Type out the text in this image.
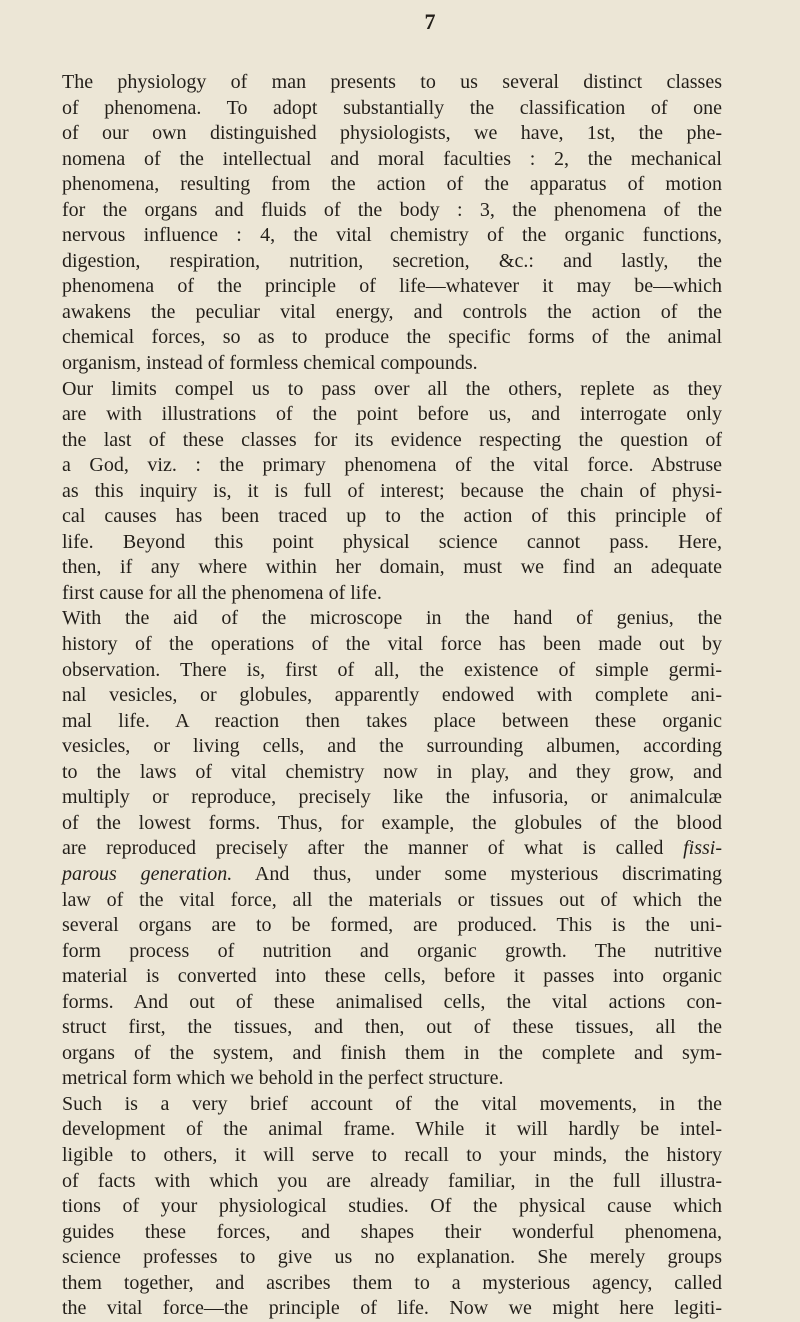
7
The physiology of man presents to us several distinct classes
of phenomena. To adopt substantially the classification of one
of our own distinguished physiologists, we have, 1st, the phe-
nomena of the intellectual and moral faculties : 2, the mechanical
phenomena, resulting from the action of the apparatus of motion
for the organs and fluids of the body : 3, the phenomena of the
nervous influence : 4, the vital chemistry of the organic functions,
digestion, respiration, nutrition, secretion, &c.: and lastly, the
phenomena of the principle of life—whatever it may be—which
awakens the peculiar vital energy, and controls the action of the
chemical forces, so as to produce the specific forms of the animal
organism, instead of formless chemical compounds.
Our limits compel us to pass over all the others, replete as they
are with illustrations of the point before us, and interrogate only
the last of these classes for its evidence respecting the question of
a God, viz. : the primary phenomena of the vital force. Abstruse
as this inquiry is, it is full of interest; because the chain of physi-
cal causes has been traced up to the action of this principle of
life. Beyond this point physical science cannot pass. Here,
then, if any where within her domain, must we find an adequate
first cause for all the phenomena of life.
With the aid of the microscope in the hand of genius, the
history of the operations of the vital force has been made out by
observation. There is, first of all, the existence of simple germi-
nal vesicles, or globules, apparently endowed with complete ani-
mal life. A reaction then takes place between these organic
vesicles, or living cells, and the surrounding albumen, according
to the laws of vital chemistry now in play, and they grow, and
multiply or reproduce, precisely like the infusoria, or animalculæ
of the lowest forms. Thus, for example, the globules of the blood
are reproduced precisely after the manner of what is called fissi-
parous generation. And thus, under some mysterious discrimating
law of the vital force, all the materials or tissues out of which the
several organs are to be formed, are produced. This is the uni-
form process of nutrition and organic growth. The nutritive
material is converted into these cells, before it passes into organic
forms. And out of these animalised cells, the vital actions con-
struct first, the tissues, and then, out of these tissues, all the
organs of the system, and finish them in the complete and sym-
metrical form which we behold in the perfect structure.
Such is a very brief account of the vital movements, in the
development of the animal frame. While it will hardly be intel-
ligible to others, it will serve to recall to your minds, the history
of facts with which you are already familiar, in the full illustra-
tions of your physiological studies. Of the physical cause which
guides these forces, and shapes their wonderful phenomena,
science professes to give us no explanation. She merely groups
them together, and ascribes them to a mysterious agency, called
the vital force—the principle of life. Now we might here legiti-
